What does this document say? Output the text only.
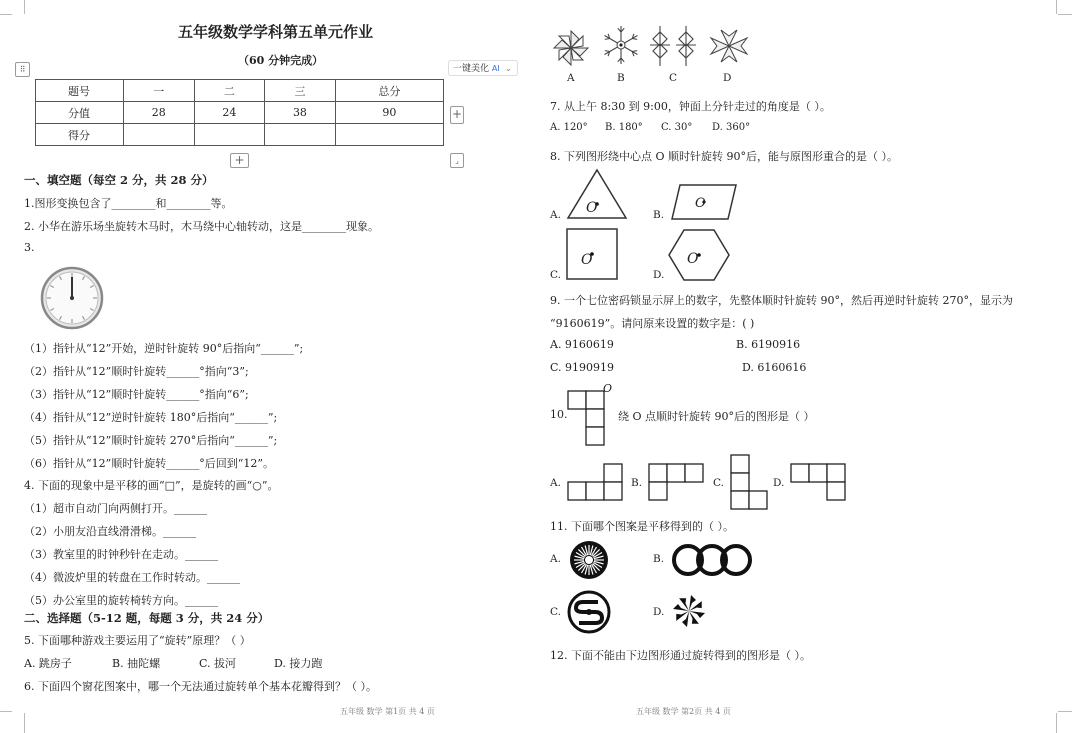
五年级数学学科第五单元作业
（60 分钟完成）
⠿	一键美化 AI ⌄
题号	一	二	三	总分
分值	28	24	38	90
得分				
+
+	⌟
一、填空题（每空 2 分，共 28 分）
1.图形变换包含了________和________等。
2. 小华在游乐场坐旋转木马时，木马绕中心轴转动，这是________现象。
3.
（1）指针从“12”开始，逆时针旋转 90°后指向“______”;
（2）指针从“12”顺时针旋转______°指向“3”;
（3）指针从“12”顺时针旋转______°指向“6”;
（4）指针从“12”逆时针旋转 180°后指向“______”;
（5）指针从“12”顺时针旋转 270°后指向“______”;
（6）指针从“12”顺时针旋转______°后回到“12”。
4. 下面的现象中是平移的画“□”，是旋转的画“○”。
（1）超市自动门向两侧打开。______
（2）小朋友沿直线滑滑梯。______
（3）教室里的时钟秒针在走动。______
（4）微波炉里的转盘在工作时转动。______
（5）办公室里的旋转椅转方向。______
二、选择题（5-12 题，每题 3 分，共 24 分）
5. 下面哪种游戏主要运用了“旋转”原理？（ ）
A. 跳房子	B. 抽陀螺	C. 拔河	D. 接力跑
6. 下面四个窗花图案中，哪一个无法通过旋转单个基本花瓣得到？（ ）。
五年级 数学 第1页 共 4 页
A	B	C	D
7. 从上午 8:30 到 9:00，钟面上分针走过的角度是（ ）。
A. 120° B. 180° C. 30° D. 360°
8. 下列图形绕中心点 O 顺时针旋转 90°后，能与原图形重合的是（ ）。
A. O	B.
O
C.
O
D.
O
9. 一个七位密码锁显示屏上的数字，先整体顺时针旋转 90°，然后再逆时针旋转 270°，显示为
“9160619”。请问原来设置的数字是：( )
A. 9160619	B. 6190916
C. 9190919	D. 6160616
10.
O
绕 O 点顺时针旋转 90°后的图形是（ ）
A.	B.	C.	D.
11. 下面哪个图案是平移得到的（ ）。
A.	B.
C.	D.
12. 下面不能由下边图形通过旋转得到的图形是（ ）。
五年级 数学 第2页 共 4 页
